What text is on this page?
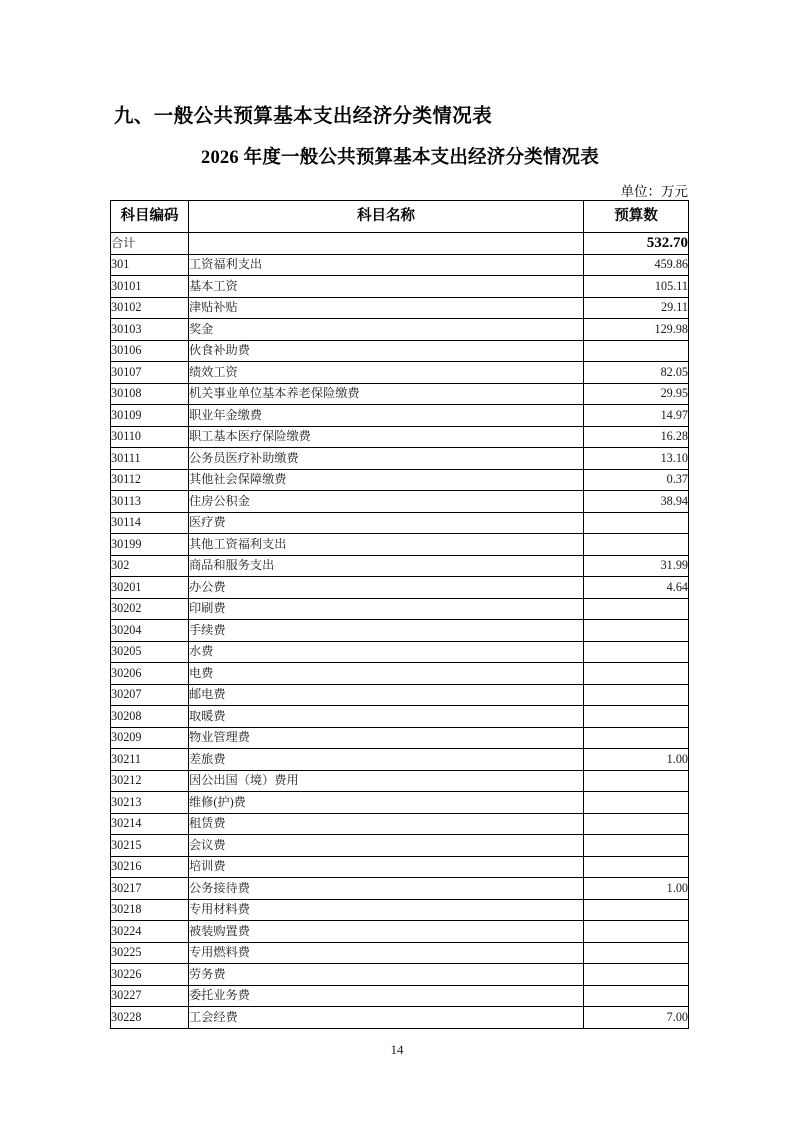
九、一般公共预算基本支出经济分类情况表
2026 年度一般公共预算基本支出经济分类情况表
单位：万元
科目编码	科目名称	预算数
合计		532.70
301	工资福利支出	459.86
30101	基本工资	105.11
30102	津贴补贴	29.11
30103	奖金	129.98
30106	伙食补助费	
30107	绩效工资	82.05
30108	机关事业单位基本养老保险缴费	29.95
30109	职业年金缴费	14.97
30110	职工基本医疗保险缴费	16.28
30111	公务员医疗补助缴费	13.10
30112	其他社会保障缴费	0.37
30113	住房公积金	38.94
30114	医疗费	
30199	其他工资福利支出	
302	商品和服务支出	31.99
30201	办公费	4.64
30202	印刷费	
30204	手续费	
30205	水费	
30206	电费	
30207	邮电费	
30208	取暖费	
30209	物业管理费	
30211	差旅费	1.00
30212	因公出国（境）费用	
30213	维修(护)费	
30214	租赁费	
30215	会议费	
30216	培训费	
30217	公务接待费	1.00
30218	专用材料费	
30224	被装购置费	
30225	专用燃料费	
30226	劳务费	
30227	委托业务费	
30228	工会经费	7.00
14
